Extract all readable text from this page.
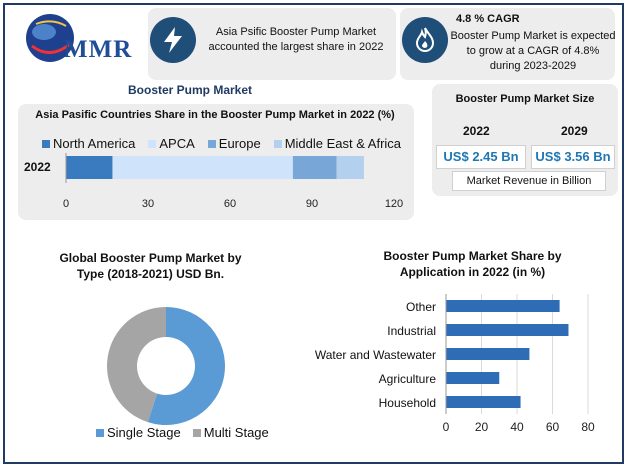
MMR
Asia Psific Booster Pump Market accounted the largest share in 2022
4.8 % CAGR
Booster Pump Market is expected to grow at a CAGR of 4.8% during 2023-2029
Booster Pump Market
Asia Pasific Countries Share in the Booster Pump Market in 2022 (%)
North America APCA Europe Middle East & Africa
2022
0	30	60	90	120
Booster Pump Market Size
2022	2029
US$ 2.45 Bn	US$ 3.56 Bn
Market Revenue in Billion
Global Booster Pump Market by Type (2018-2021) USD Bn.
Single Stage Multi Stage
Booster Pump Market Share by Application in 2022 (in %)
0 20 40 60 80
Other
Industrial
Water and Wastewater
Agriculture
Household
